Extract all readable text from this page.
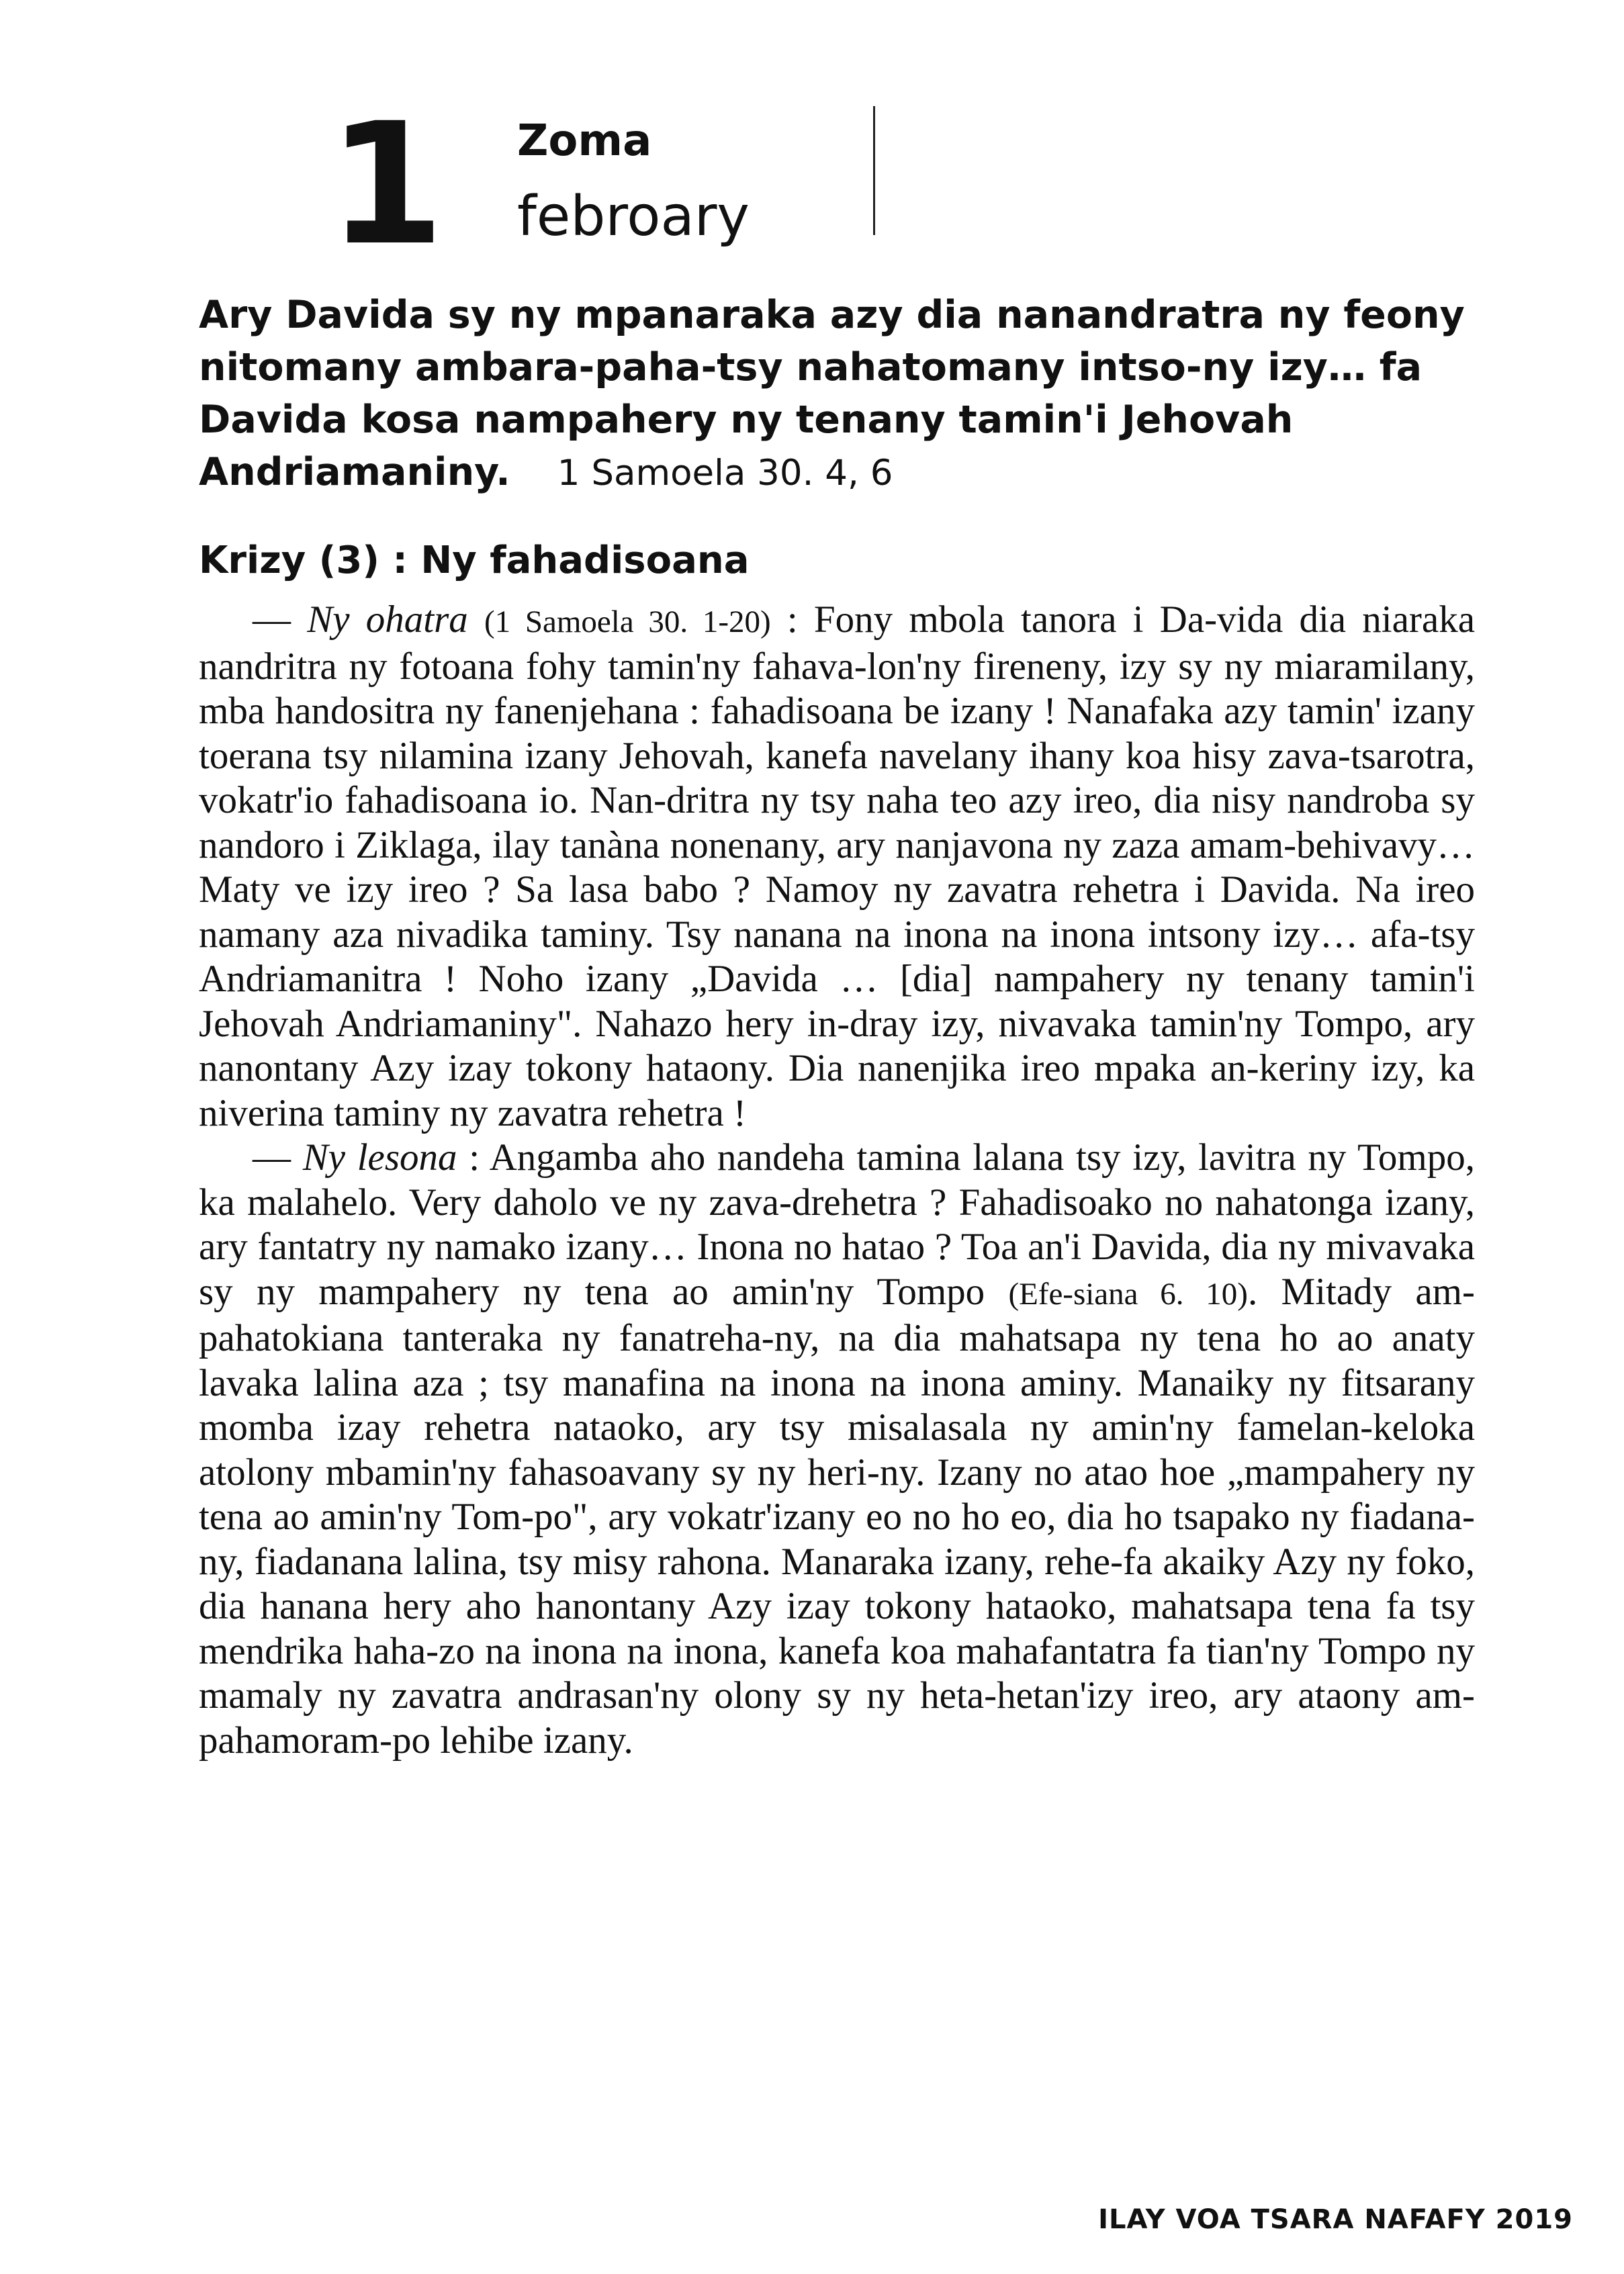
1 Zoma
febroary

Ary Davida sy ny mpanaraka azy dia nanandratra ny feony nitomany ambara-paha-tsy nahatomany intso-ny izy… fa Davida kosa nampahery ny tenany tamin'i Jehovah Andriamaniny. 1 Samoela 30. 4, 6

Krizy (3) : Ny fahadisoana

— Ny ohatra (1 Samoela 30. 1-20) : Fony mbola tanora i Da-vida dia niaraka nandritra ny fotoana fohy tamin'ny fahava-lon'ny fireneny, izy sy ny miaramilany, mba handositra ny fanenjehana : fahadisoana be izany ! Nanafaka azy tamin' izany toerana tsy nilamina izany Jehovah, kanefa navelany ihany koa hisy zava-tsarotra, vokatr'io fahadisoana io. Nan-dritra ny tsy naha teo azy ireo, dia nisy nandroba sy nandoro i Ziklaga, ilay tanàna nonenany, ary nanjavona ny zaza amam-behivavy… Maty ve izy ireo ? Sa lasa babo ? Namoy ny zavatra rehetra i Davida. Na ireo namany aza nivadika taminy. Tsy nanana na inona na inona intsony izy… afa-tsy Andriamanitra ! Noho izany „Davida … [dia] nampahery ny tenany tamin'i Jehovah Andriamaniny". Nahazo hery in-dray izy, nivavaka tamin'ny Tompo, ary nanontany Azy izay tokony hataony. Dia nanenjika ireo mpaka an-keriny izy, ka niverina taminy ny zavatra rehetra !

— Ny lesona : Angamba aho nandeha tamina lalana tsy izy, lavitra ny Tompo, ka malahelo. Very daholo ve ny zava-drehetra ? Fahadisoako no nahatonga izany, ary fantatry ny namako izany… Inona no hatao ? Toa an'i Davida, dia ny mivavaka sy ny mampahery ny tena ao amin'ny Tompo (Efe-siana 6. 10). Mitady am-pahatokiana tanteraka ny fanatreha-ny, na dia mahatsapa ny tena ho ao anaty lavaka lalina aza ; tsy manafina na inona na inona aminy. Manaiky ny fitsarany momba izay rehetra nataoko, ary tsy misalasala ny amin'ny famelan-keloka atolony mbamin'ny fahasoavany sy ny heri-ny. Izany no atao hoe „mampahery ny tena ao amin'ny Tom-po", ary vokatr'izany eo no ho eo, dia ho tsapako ny fiadana-ny, fiadanana lalina, tsy misy rahona. Manaraka izany, rehe-fa akaiky Azy ny foko, dia hanana hery aho hanontany Azy izay tokony hataoko, mahatsapa tena fa tsy mendrika haha-zo na inona na inona, kanefa koa mahafantatra fa tian'ny Tompo ny mamaly ny zavatra andrasan'ny olony sy ny heta-hetan'izy ireo, ary ataony am-pahamoram-po lehibe izany.

ILAY VOA TSARA NAFAFY 2019
